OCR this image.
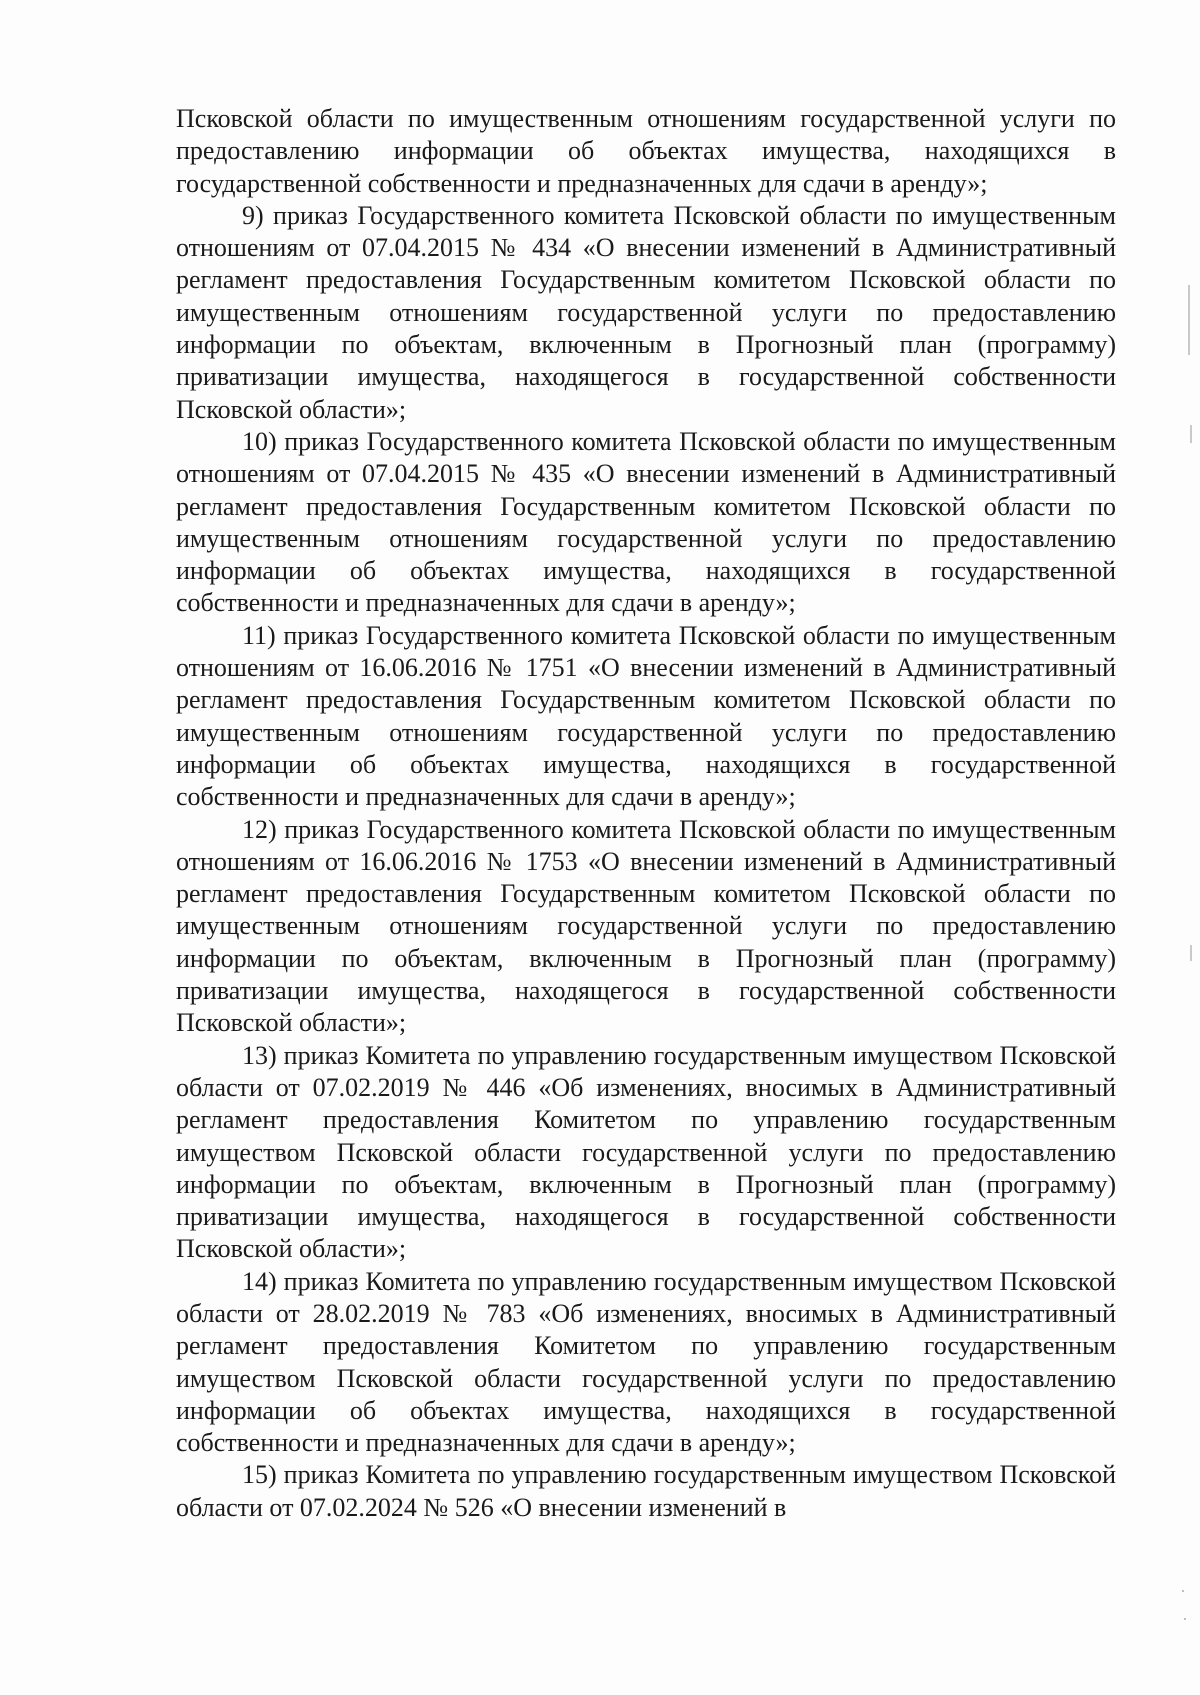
Псковской области по имущественным отношениям государственной услуги по предоставлению информации об объектах имущества, находящихся в государственной собственности и предназначенных для сдачи в аренду»;

9) приказ Государственного комитета Псковской области по имущественным отношениям от 07.04.2015 № 434 «О внесении изменений в Административный регламент предоставления Государственным комитетом Псковской области по имущественным отношениям государственной услуги по предоставлению информации по объектам, включенным в Прогнозный план (программу) приватизации имущества, находящегося в государственной собственности Псковской области»;

10) приказ Государственного комитета Псковской области по имущественным отношениям от 07.04.2015 № 435 «О внесении изменений в Административный регламент предоставления Государственным комитетом Псковской области по имущественным отношениям государственной услуги по предоставлению информации об объектах имущества, находящихся в государственной собственности и предназначенных для сдачи в аренду»;

11) приказ Государственного комитета Псковской области по имущественным отношениям от 16.06.2016 № 1751 «О внесении изменений в Административный регламент предоставления Государственным комитетом Псковской области по имущественным отношениям государственной услуги по предоставлению информации об объектах имущества, находящихся в государственной собственности и предназначенных для сдачи в аренду»;

12) приказ Государственного комитета Псковской области по имущественным отношениям от 16.06.2016 № 1753 «О внесении изменений в Административный регламент предоставления Государственным комитетом Псковской области по имущественным отношениям государственной услуги по предоставлению информации по объектам, включенным в Прогнозный план (программу) приватизации имущества, находящегося в государственной собственности Псковской области»;

13) приказ Комитета по управлению государственным имуществом Псковской области от 07.02.2019 № 446 «Об изменениях, вносимых в Административный регламент предоставления Комитетом по управлению государственным имуществом Псковской области государственной услуги по предоставлению информации по объектам, включенным в Прогнозный план (программу) приватизации имущества, находящегося в государственной собственности Псковской области»;

14) приказ Комитета по управлению государственным имуществом Псковской области от 28.02.2019 № 783 «Об изменениях, вносимых в Административный регламент предоставления Комитетом по управлению государственным имуществом Псковской области государственной услуги по предоставлению информации об объектах имущества, находящихся в государственной собственности и предназначенных для сдачи в аренду»;

15) приказ Комитета по управлению государственным имуществом Псковской области от 07.02.2024 № 526 «О внесении изменений в
